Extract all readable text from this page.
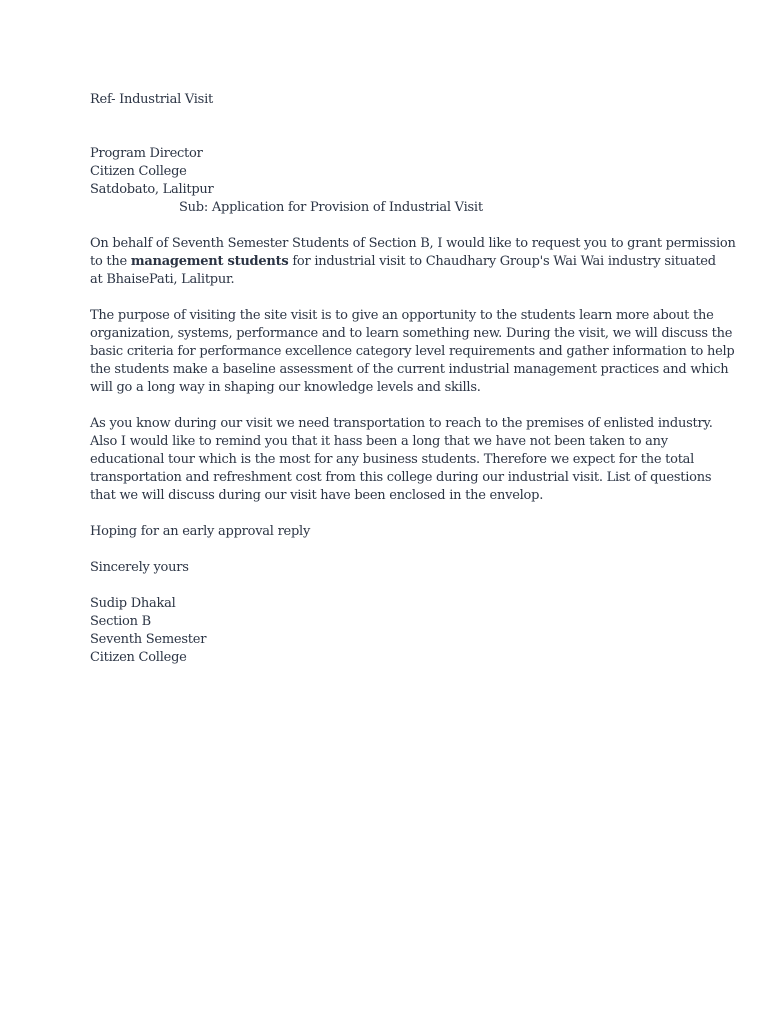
Ref- Industrial Visit
Program Director
Citizen College
Satdobato, Lalitpur
Sub: Application for Provision of Industrial Visit
On behalf of Seventh Semester Students of Section B, I would like to request you to grant permission
to the management students for industrial visit to Chaudhary Group's Wai Wai industry situated
at BhaisePati, Lalitpur.
The purpose of visiting the site visit is to give an opportunity to the students learn more about the
organization, systems, performance and to learn something new. During the visit, we will discuss the
basic criteria for performance excellence category level requirements and gather information to help
the students make a baseline assessment of the current industrial management practices and which
will go a long way in shaping our knowledge levels and skills.
As you know during our visit we need transportation to reach to the premises of enlisted industry.
Also I would like to remind you that it hass been a long that we have not been taken to any
educational tour which is the most for any business students. Therefore we expect for the total
transportation and refreshment cost from this college during our industrial visit. List of questions
that we will discuss during our visit have been enclosed in the envelop.
Hoping for an early approval reply
Sincerely yours
Sudip Dhakal
Section B
Seventh Semester
Citizen College
